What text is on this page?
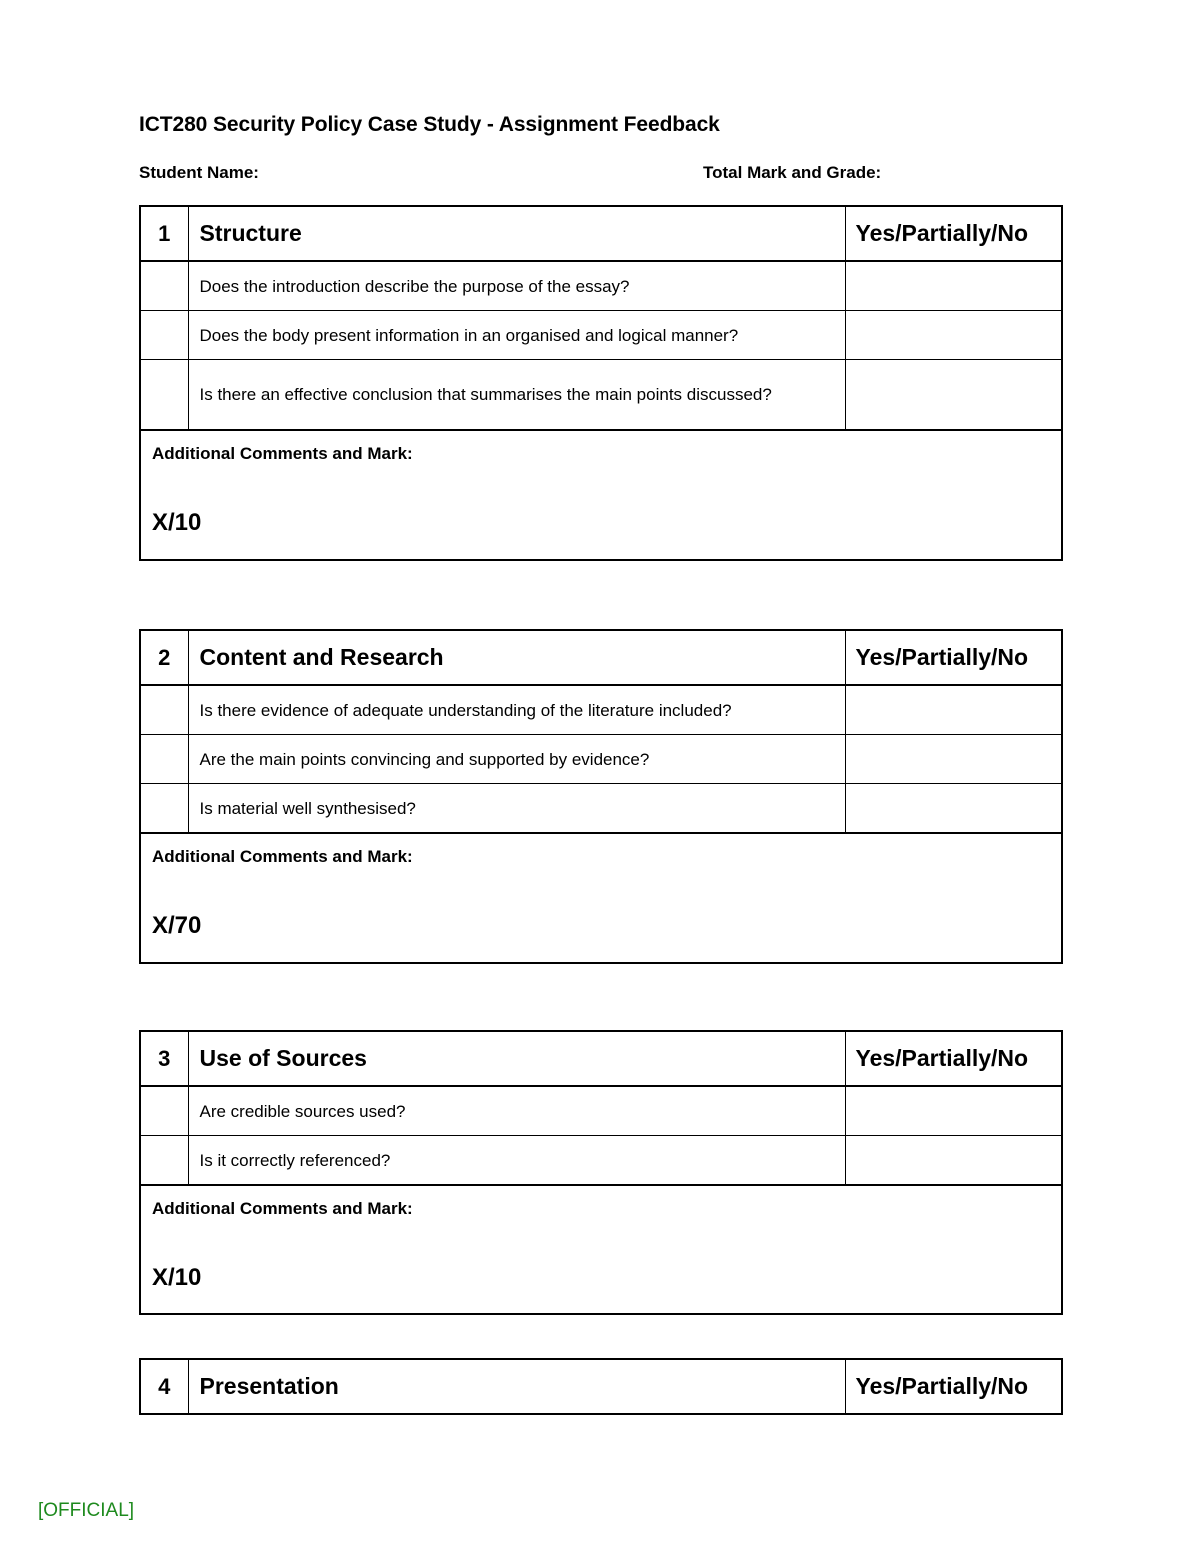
ICT280 Security Policy Case Study - Assignment Feedback
Student Name:	Total Mark and Grade:
1	Structure	Yes/Partially/No
	Does the introduction describe the purpose of the essay?	
	Does the body present information in an organised and logical manner?	
	Is there an effective conclusion that summarises the main points discussed?	

Additional Comments and Mark:
X/10		
2	Content and Research	Yes/Partially/No
	Is there evidence of adequate understanding of the literature included?	
	Are the main points convincing and supported by evidence?	
	Is material well synthesised?	

Additional Comments and Mark:
X/70		
3	Use of Sources	Yes/Partially/No
	Are credible sources used?	
	Is it correctly referenced?	

Additional Comments and Mark:
X/10		
4	Presentation	Yes/Partially/No
[OFFICIAL]
